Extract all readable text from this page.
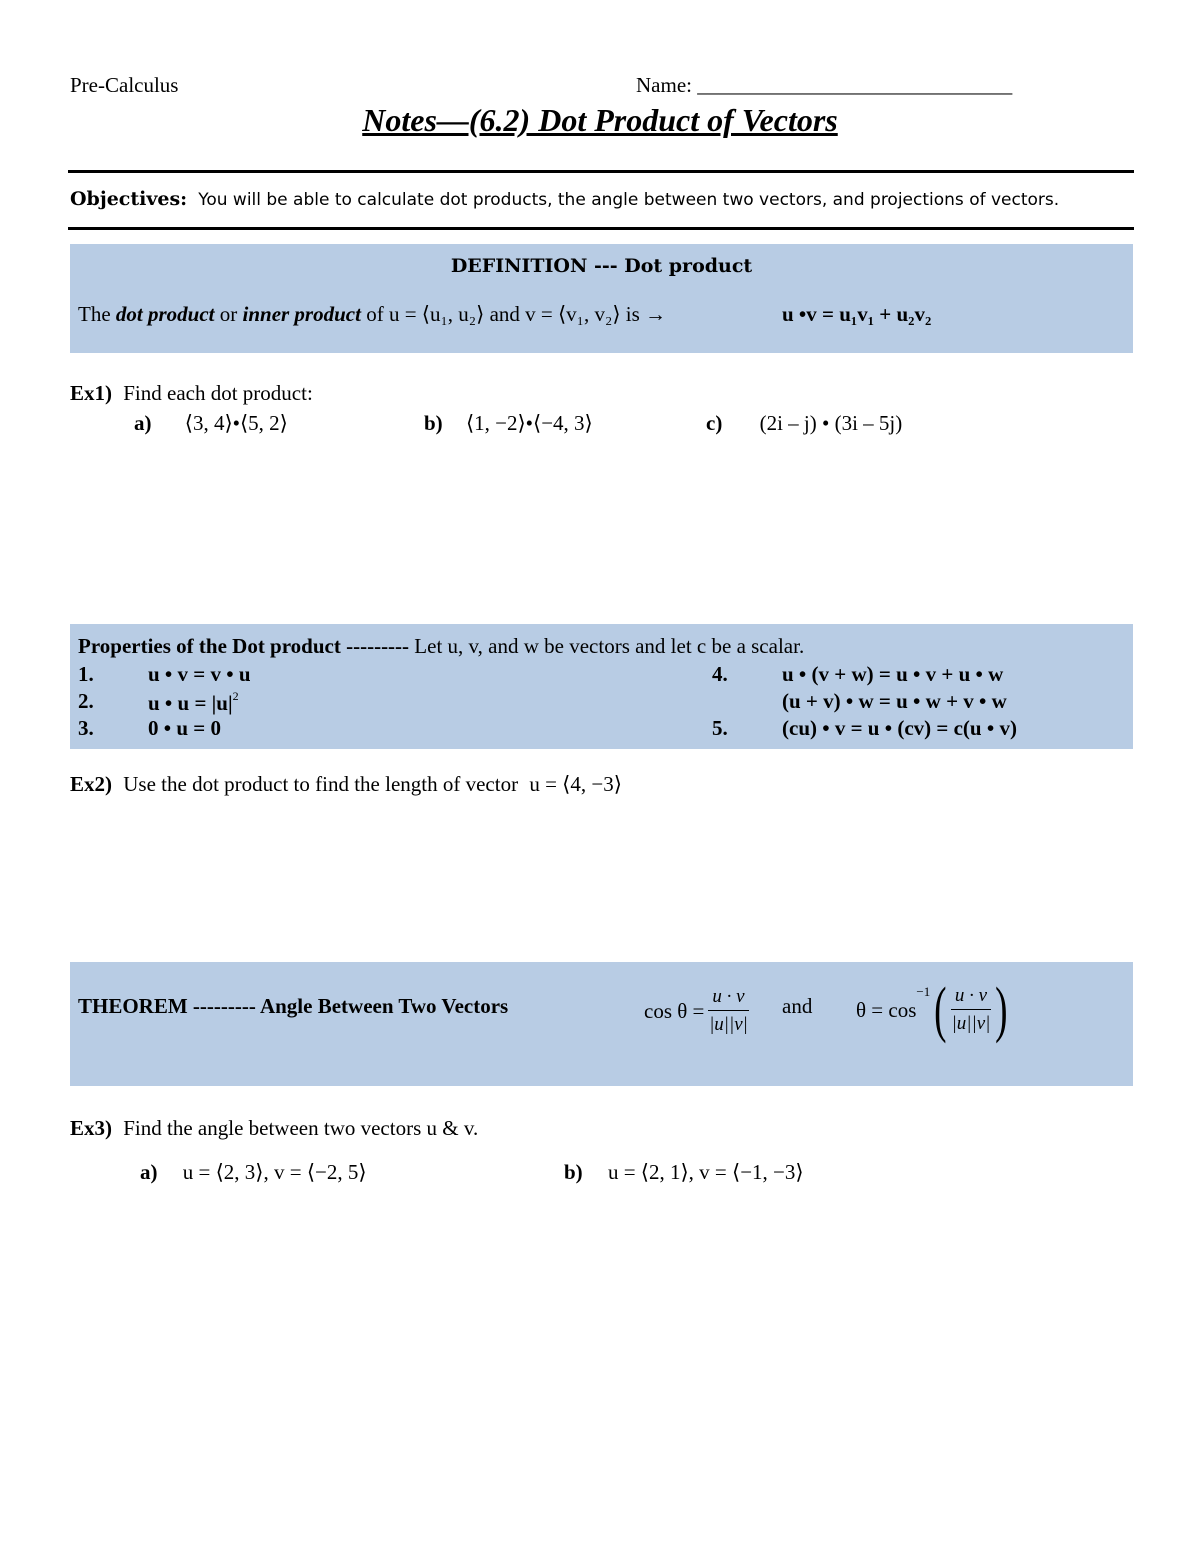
Pre-Calculus	Name: ______________________________
Notes—(6.2) Dot Product of Vectors
Objectives: You will be able to calculate dot products, the angle between two vectors, and projections of vectors.
DEFINITION --- Dot product
The dot product or inner product of u = ⟨u₁, u₂⟩ and v = ⟨v₁, v₂⟩ is →	u •v = u₁v₁ + u₂v₂
Ex1) Find each dot product:
a) ⟨3, 4⟩•⟨5, 2⟩	b) ⟨1, −2⟩•⟨−4, 3⟩	c) (2i – j) • (3i – 5j)
Properties of the Dot product --------- Let u, v, and w be vectors and let c be a scalar.
1.	u • v = v • u
2.	u • $u = |u|^2$
3.	0 • u = 0
4.	u • (v + w) = u • v + u • w
(u + v) • w = u • w + v • w
5.	(cu) • v = u • (cv) = c(u • v)
Ex2) Use the dot product to find the length of vector u = ⟨4, −3⟩
THEOREM --------- Angle Between Two Vectors	$\cos \theta = \frac{u \cdot v}{|u||v|}$ and θ = cos
−1 ( $\frac{u \cdot v}{|u||v|}$ )
Ex3) Find the angle between two vectors u & v.
a) u = ⟨2, 3⟩, v = ⟨−2, 5⟩	b) u = ⟨2, 1⟩, v = ⟨−1, −3⟩
